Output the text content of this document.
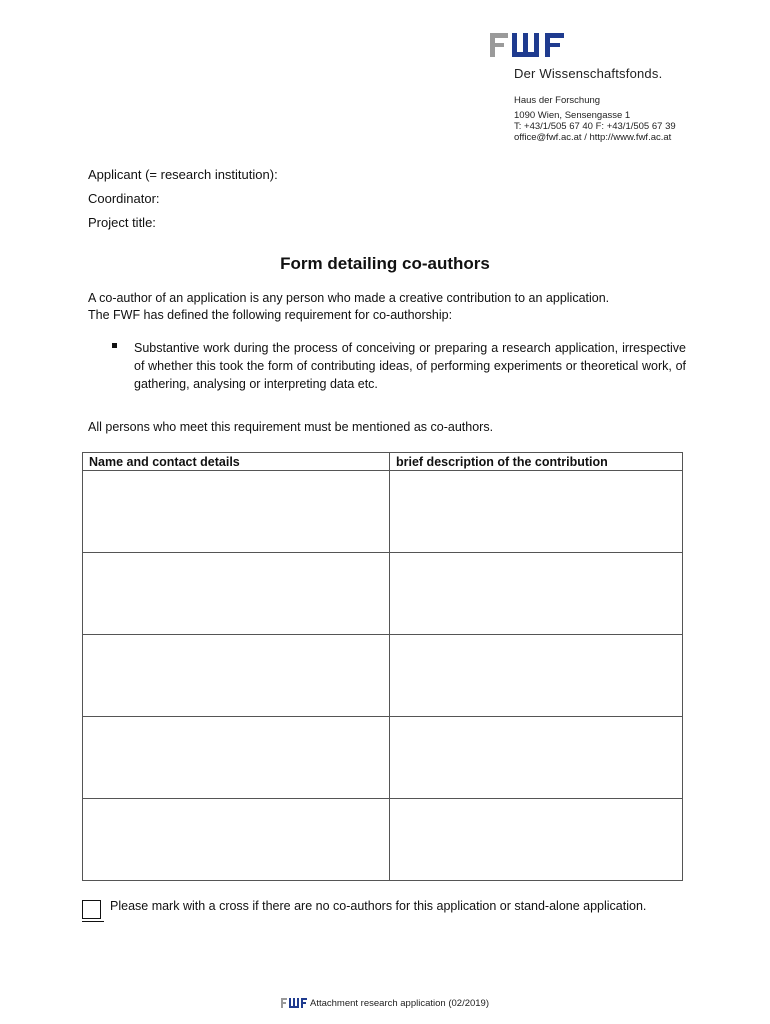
Der Wissenschaftsfonds.
Haus der Forschung
1090 Wien, Sensengasse 1
T: +43/1/505 67 40 F: +43/1/505 67 39
office@fwf.ac.at / http://www.fwf.ac.at
Applicant (= research institution):
Coordinator:
Project title:
Form detailing co-authors

A co-author of an application is any person who made a creative contribution to an application.

The FWF has defined the following requirement for co-authorship:

Substantive work during the process of conceiving or preparing a research application, irrespective of whether this took the form of contributing ideas, of performing experiments or theoretical work, of gathering, analysing or interpreting data etc.
All persons who meet this requirement must be mentioned as co-authors.
Name and contact details	brief description of the contribution

Please mark with a cross if there are no co-authors for this application or stand-alone application.
Attachment research application (02/2019)
